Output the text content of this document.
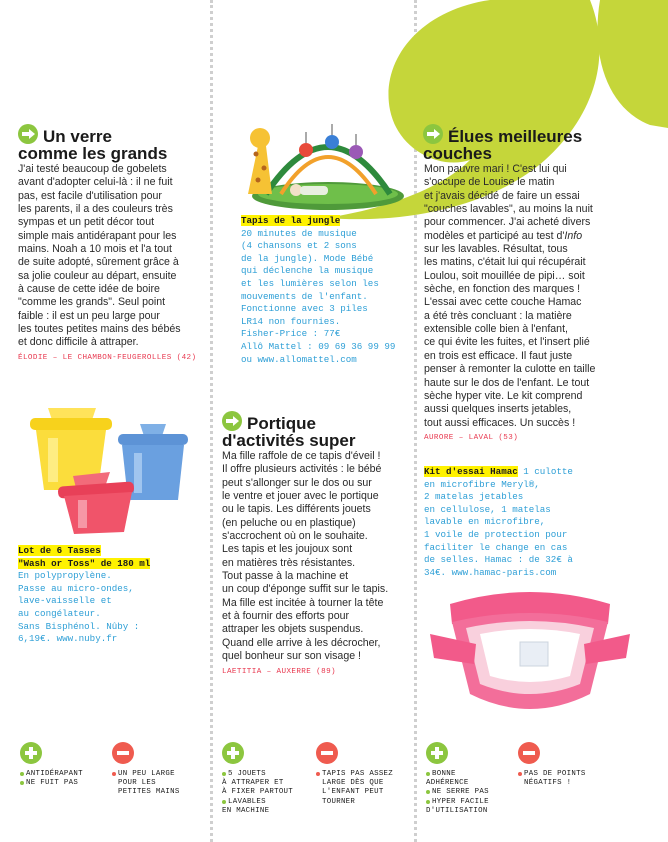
Un verre
comme les grands
J'ai testé beaucoup de gobelets
avant d'adopter celui-là : il ne fuit
pas, est facile d'utilisation pour
les parents, il a des couleurs très
sympas et un petit décor tout
simple mais antidérapant pour les
mains. Noah a 10 mois et l'a tout
de suite adopté, sûrement grâce à
sa jolie couleur au départ, ensuite
à cause de cette idée de boire
"comme les grands". Seul point
faible : il est un peu large pour
les toutes petites mains des bébés
et donc difficile à attraper.
ÉLODIE – LE CHAMBON-FEUGEROLLES (42)
Lot de 6 Tasses
"Wash or Toss" de 180 ml
En polypropylène.
Passe au micro-ondes,
lave-vaisselle et
au congélateur.
Sans Bisphénol. Nûby :
6,19€. www.nuby.fr
ANTIDÉRAPANT
NE FUIT PAS
UN PEU LARGE
POUR LES
PETITES MAINS
Tapis de la jungle
20 minutes de musique
(4 chansons et 2 sons
de la jungle). Mode Bébé
qui déclenche la musique
et les lumières selon les
mouvements de l'enfant.
Fonctionne avec 3 piles
LR14 non fournies.
Fisher-Price : 77€
Allô Mattel : 09 69 36 99 99
ou www.allomattel.com
Portique
d'activités super
Ma fille raffole de ce tapis d'éveil !
Il offre plusieurs activités : le bébé
peut s'allonger sur le dos ou sur
le ventre et jouer avec le portique
ou le tapis. Les différents jouets
(en peluche ou en plastique)
s'accrochent où on le souhaite.
Les tapis et les joujoux sont
en matières très résistantes.
Tout passe à la machine et
un coup d'éponge suffit sur le tapis.
Ma fille est incitée à tourner la tête
et à fournir des efforts pour
attraper les objets suspendus.
Quand elle arrive à les décrocher,
quel bonheur sur son visage !
LAETITIA – AUXERRE (89)
5 JOUETS
À ATTRAPER ET
À FIXER PARTOUT
LAVABLES
EN MACHINE
TAPIS PAS ASSEZ
LARGE DÈS QUE
L'ENFANT PEUT
TOURNER
Élues meilleures
couches
Mon pauvre mari ! C'est lui qui
s'occupe de Louise le matin
et j'avais décidé de faire un essai
"couches lavables", au moins la nuit
pour commencer. J'ai acheté divers
modèles et participé au test d'Info
sur les lavables. Résultat, tous
les matins, c'était lui qui récupérait
Loulou, soit mouillée de pipi… soit
sèche, en fonction des marques !
L'essai avec cette couche Hamac
a été très concluant : la matière
extensible colle bien à l'enfant,
ce qui évite les fuites, et l'insert plié
en trois est efficace. Il faut juste
penser à remonter la culotte en taille
haute sur le dos de l'enfant. Le tout
sèche hyper vite. Le kit comprend
aussi quelques inserts jetables,
tout aussi efficaces. Un succès !
AURORE – LAVAL (53)
Kit d'essai Hamac 1 culotte
en microfibre Meryl®,
2 matelas jetables
en cellulose, 1 matelas
lavable en microfibre,
1 voile de protection pour
faciliter le change en cas
de selles. Hamac : de 32€ à
34€. www.hamac-paris.com
BONNE
ADHÉRENCE
NE SERRE PAS
HYPER FACILE
D'UTILISATION
PAS DE POINTS
NÉGATIFS !
